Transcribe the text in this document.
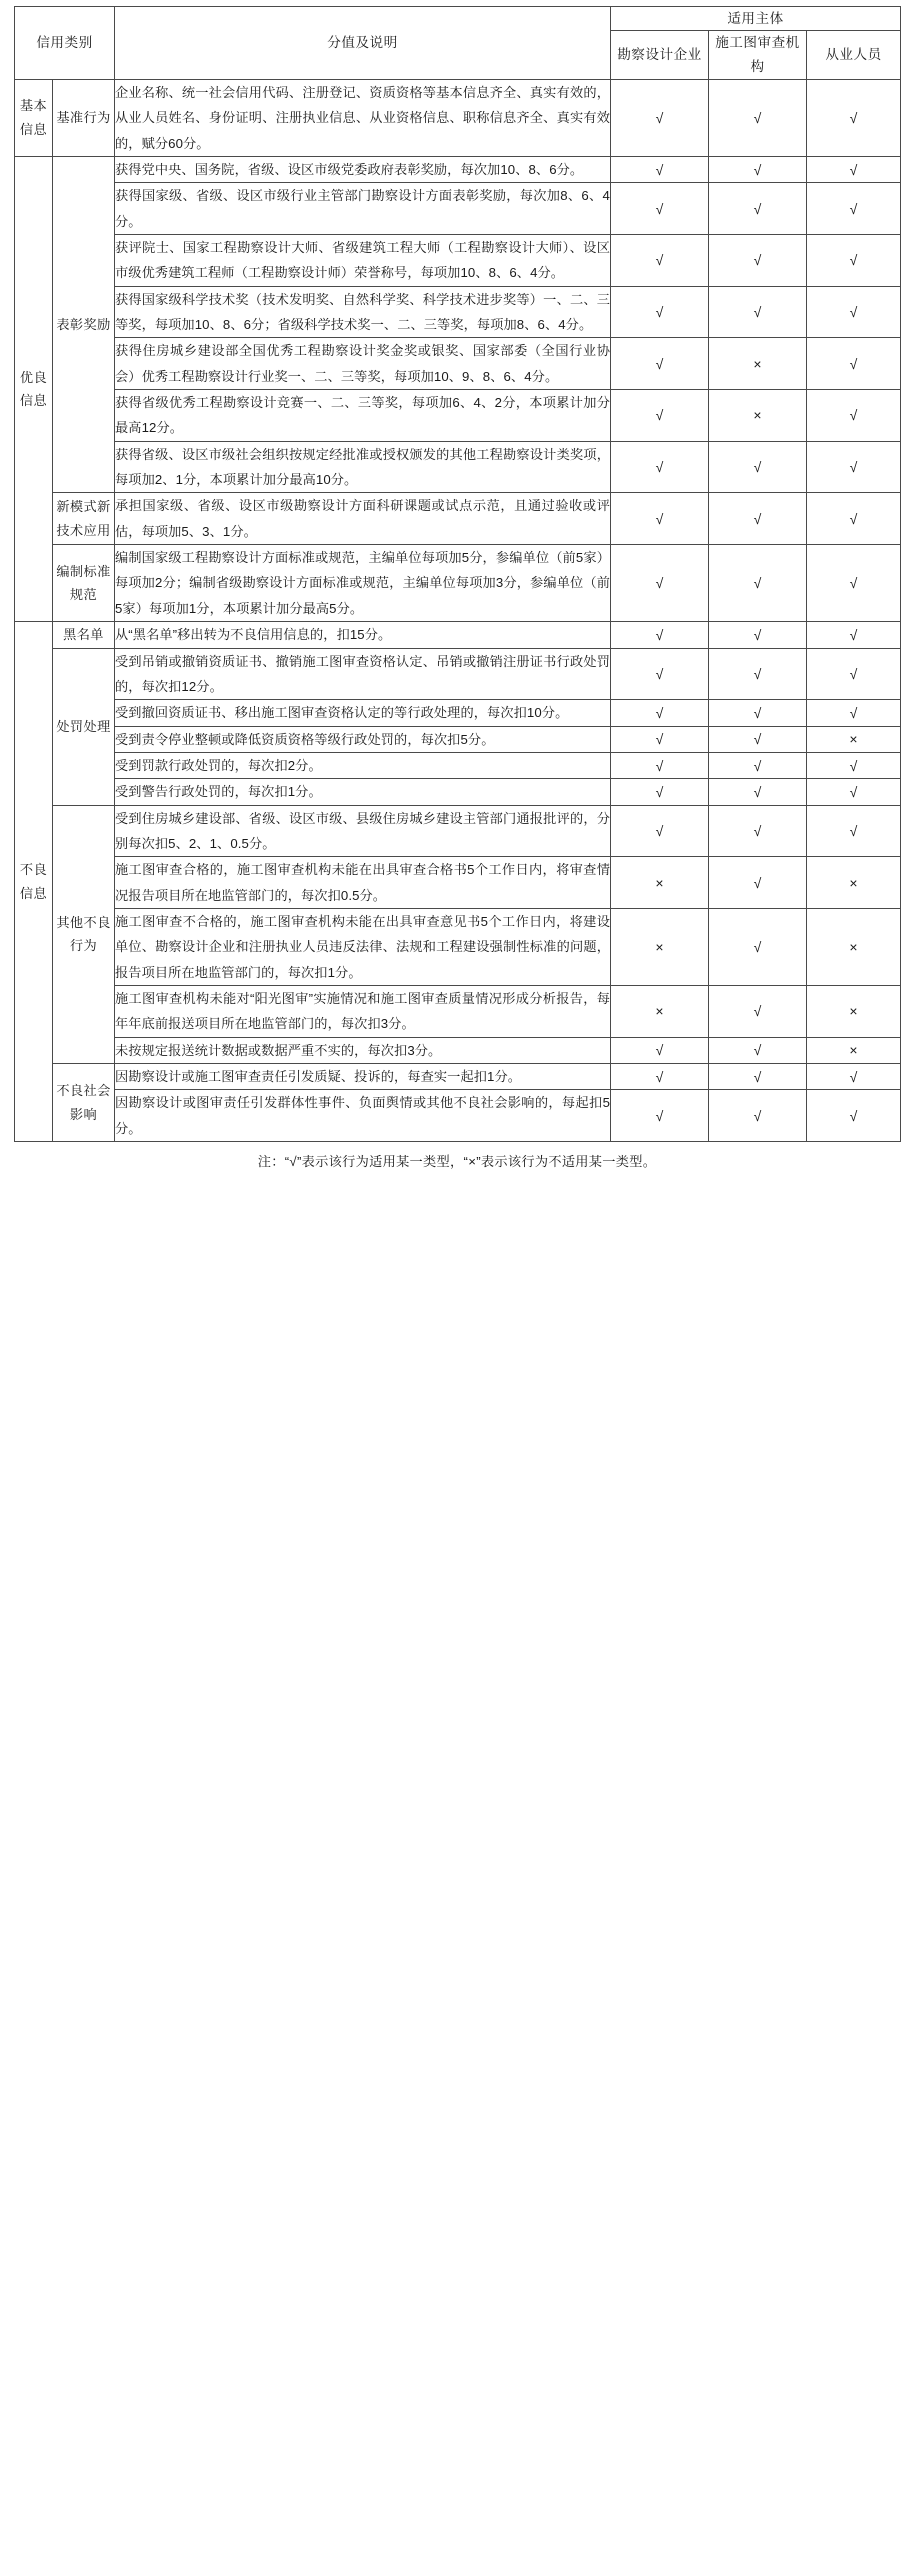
信用类别		分值及说明	适用主体		
			勘察设计企业	施工图审查机构	从业人员
基本信息	基准行为	企业名称、统一社会信用代码、注册登记、资质资格等基本信息齐全、真实有效的，从业人员姓名、身份证明、注册执业信息、从业资格信息、职称信息齐全、真实有效的，赋分60分。	√	√	√
优良信息	表彰奖励	获得党中央、国务院，省级、设区市级党委政府表彰奖励，每次加10、8、6分。	√	√	√
		获得国家级、省级、设区市级行业主管部门勘察设计方面表彰奖励，每次加8、6、4分。	√	√	√
		获评院士、国家工程勘察设计大师、省级建筑工程大师（工程勘察设计大师）、设区市级优秀建筑工程师（工程勘察设计师）荣誉称号，每项加10、8、6、4分。	√	√	√
		获得国家级科学技术奖（技术发明奖、自然科学奖、科学技术进步奖等）一、二、三等奖，每项加10、8、6分；省级科学技术奖一、二、三等奖，每项加8、6、4分。	√	√	√
		获得住房城乡建设部全国优秀工程勘察设计奖金奖或银奖、国家部委（全国行业协会）优秀工程勘察设计行业奖一、二、三等奖，每项加10、9、8、6、4分。	√	×	√
		获得省级优秀工程勘察设计竞赛一、二、三等奖，每项加6、4、2分，本项累计加分最高12分。	√	×	√
		获得省级、设区市级社会组织按规定经批准或授权颁发的其他工程勘察设计类奖项，每项加2、1分，本项累计加分最高10分。	√	√	√
	新模式新技术应用	承担国家级、省级、设区市级勘察设计方面科研课题或试点示范，且通过验收或评估，每项加5、3、1分。	√	√	√
	编制标准规范	编制国家级工程勘察设计方面标准或规范，主编单位每项加5分，参编单位（前5家）每项加2分；编制省级勘察设计方面标准或规范，主编单位每项加3分，参编单位（前5家）每项加1分，本项累计加分最高5分。	√	√	√
不良信息	黑名单	从“黑名单”移出转为不良信用信息的，扣15分。	√	√	√
	处罚处理	受到吊销或撤销资质证书、撤销施工图审查资格认定、吊销或撤销注册证书行政处罚的，每次扣12分。	√	√	√
		受到撤回资质证书、移出施工图审查资格认定的等行政处理的，每次扣10分。	√	√	√
		受到责令停业整顿或降低资质资格等级行政处罚的，每次扣5分。	√	√	×
		受到罚款行政处罚的，每次扣2分。	√	√	√
		受到警告行政处罚的，每次扣1分。	√	√	√
	其他不良行为	受到住房城乡建设部、省级、设区市级、县级住房城乡建设主管部门通报批评的，分别每次扣5、2、1、0.5分。	√	√	√
		施工图审查合格的，施工图审查机构未能在出具审查合格书5个工作日内，将审查情况报告项目所在地监管部门的，每次扣0.5分。	×	√	×
		施工图审查不合格的，施工图审查机构未能在出具审查意见书5个工作日内，将建设单位、勘察设计企业和注册执业人员违反法律、法规和工程建设强制性标准的问题，报告项目所在地监管部门的，每次扣1分。	×	√	×
		施工图审查机构未能对“阳光图审”实施情况和施工图审查质量情况形成分析报告，每年年底前报送项目所在地监管部门的，每次扣3分。	×	√	×
		未按规定报送统计数据或数据严重不实的，每次扣3分。	√	√	×
	不良社会影响	因勘察设计或施工图审查责任引发质疑、投诉的，每查实一起扣1分。	√	√	√
		因勘察设计或图审责任引发群体性事件、负面舆情或其他不良社会影响的，每起扣5分。	√	√	√
注：“√”表示该行为适用某一类型，“×”表示该行为不适用某一类型。
